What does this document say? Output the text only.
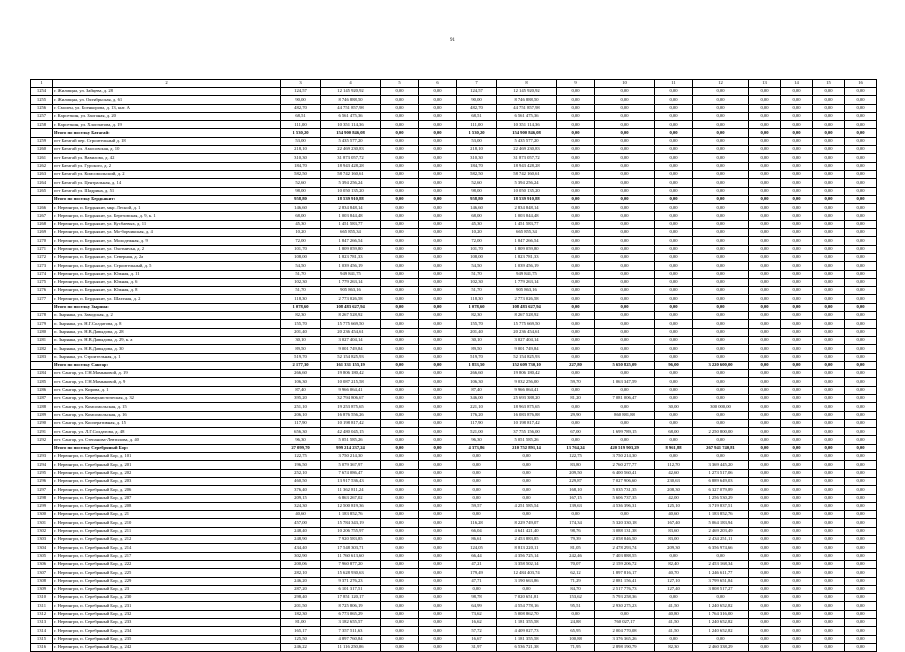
91
1	2	3	4	5	6	7	8	9	10	11	12	13	14	15	16
1254	г. Жилищна, ул. Зайцева, д. 28	124,57	12 145 920,92	0,00	0,00	124,57	12 145 920,92	0,00	0,00	0,00	0,00	0,00	0,00	0,00	0,00
1255	г. Жилищна, ул. Октябрьская, д. 61	90,00	8 746 888,50	0,00	0,00	90,00	8 746 888,50	0,00	0,00	0,00	0,00	0,00	0,00	0,00	0,00
1256	г. Смолен, ул. Боенкорова, д. 13, кнт. А	482,70	44 751 857,98	0,00	0,00	482,70	44 751 857,98	0,00	0,00	0,00	0,00	0,00	0,00	0,00	0,00
1257	г. Карсеткин, ул. Заоганая, д. 20	68,51	6 561 475,36	0,00	0,00	68,51	6 561 475,36	0,00	0,00	0,00	0,00	0,00	0,00	0,00	0,00
1258	г. Карсеткин, ул. Хлопчатова, д. 19	111,00	10 351 114,36	0,00	0,00	111,00	10 351 114,36	0,00	0,00	0,00	0,00	0,00	0,00	0,00	0,00
	Итого по поселку Батагай:	1 530,20	154 900 846,08	0,00	0,00	1 530,20	154 900 846,08	0,00	0,00	0,00	0,00	0,00	0,00	0,00	0,00
1259	пгт Батагай пер. Строительный д. 18	53,00	5 435 577,20	0,00	0,00	53,00	5 435 577,20	0,00	0,00	0,00	0,00	0,00	0,00	0,00	0,00
1260	пгт Батагай ул. Амосовская, д. 10	218,10	22 469 230,83	0,00	0,00	218,10	22 469 230,83	0,00	0,00	0,00	0,00	0,00	0,00	0,00	0,00
1261	пгт Батагай ул. Вавилова, д. 42	310,30	31 873 057,72	0,00	0,00	310,30	31 873 057,72	0,00	0,00	0,00	0,00	0,00	0,00	0,00	0,00
1262	пгт Батагай ул. Гурского, д. 2	184,70	18 943 428,28	0,00	0,00	184,70	18 943 428,28	0,00	0,00	0,00	0,00	0,00	0,00	0,00	0,00
1263	пгт Батагай ул. Комсомольский, д. 2	582,50	58 742 160,61	0,00	0,00	582,50	58 742 160,61	0,00	0,00	0,00	0,00	0,00	0,00	0,00	0,00
1264	пгт Батагай ул. Центральная, д. 14	52,60	5 394 256,24	0,00	0,00	52,60	5 394 256,24	0,00	0,00	0,00	0,00	0,00	0,00	0,00	0,00
1265	пгт Батагай ул. Шадрина, д. 51	98,00	10 050 135,20	0,00	0,00	98,00	10 050 135,20	0,00	0,00	0,00	0,00	0,00	0,00	0,00	0,00
	Итого по поселку Бердьякит:	958,80	18 539 910,88	0,00	0,00	958,80	18 539 910,88	0,00	0,00	0,00	0,00	0,00	0,00	0,00	0,00
1266	г. Нерюнгри, п. Бердьякит, мкр. Лесной, д. 1	146,60	2 834 848,14	0,00	0,00	146,60	2 834 848,14	0,00	0,00	0,00	0,00	0,00	0,00	0,00	0,00
1267	г. Нерюнгри, п. Бердьякит, ул. Березовская, д. 9, к. 1	68,00	1 003 844,48	0,00	0,00	68,00	1 003 844,48	0,00	0,00	0,00	0,00	0,00	0,00	0,00	0,00
1268	г. Нерюнгри, п. Бердьякит, ул. Кусбаевых, д. 11	45,30	1 451 583,77	0,00	0,00	45,30	1 451 583,77	0,00	0,00	0,00	0,00	0,00	0,00	0,00	0,00
1269	г. Нерюнгри, п. Бердьякит, ул. Мо-борчикская, д. 4	10,20	665 855,34	0,00	0,00	10,20	665 855,34	0,00	0,00	0,00	0,00	0,00	0,00	0,00	0,00
1270	г. Нерюнгри, п. Бердьякит, ул. Молодежная, д. 9	72,00	1 847 266,54	0,00	0,00	72,00	1 847 266,54	0,00	0,00	0,00	0,00	0,00	0,00	0,00	0,00
1271	г. Нерюнгри, п. Бердьякит, ул. Охотничья, д. 2	101,70	1 809 059,80	0,00	0,00	101,70	1 809 059,80	0,00	0,00	0,00	0,00	0,00	0,00	0,00	0,00
1272	г. Нерюнгри, п. Бердьякит, ул. Северная, д. 2а	108,00	1 823 781,33	0,00	0,00	108,00	1 823 781,33	0,00	0,00	0,00	0,00	0,00	0,00	0,00	0,00
1273	г. Нерюнгри, п. Бердьякит, ул. Строительный, д. 5	54,50	1 039 456,19	0,00	0,00	54,50	1 039 456,19	0,00	0,00	0,00	0,00	0,00	0,00	0,00	0,00
1274	г. Нерюнгри, п. Бердьякит, ул. Южная, д. 11	51,70	949 841,75	0,00	0,00	51,70	949 841,75	0,00	0,00	0,00	0,00	0,00	0,00	0,00	0,00
1275	г. Нерюнгри, п. Бердьякит, ул. Южная, д. 6	102,30	1 779 263,14	0,00	0,00	102,30	1 779 263,14	0,00	0,00	0,00	0,00	0,00	0,00	0,00	0,00
1276	г. Нерюнгри, п. Бердьякит, ул. Южная, д. 8	51,70	905 863,16	0,00	0,00	51,70	905 863,16	0,00	0,00	0,00	0,00	0,00	0,00	0,00	0,00
1277	г. Нерюнгри, п. Бердьякит, ул. Шахтная, д. 2	118,30	2 773 026,58	0,00	0,00	118,30	2 773 026,58	0,00	0,00	0,00	0,00	0,00	0,00	0,00	0,00
	Итого по поселку Зыряна:	1 078,60	108 483 627,94	0,00	0,00	1 078,60	108 483 627,94	0,00	0,00	0,00	0,00	0,00	0,00	0,00	0,00
1278	п. Зырянка, ул. Заводская, д. 2	82,30	8 267 528,92	0,00	0,00	82,30	8 267 528,92	0,00	0,00	0,00	0,00	0,00	0,00	0,00	0,00
1279	п. Зырянка, ул. Н.Г.Солдатова, д. 8	155,70	15 775 669,50	0,00	0,00	155,70	15 775 669,50	0,00	0,00	0,00	0,00	0,00	0,00	0,00	0,00
1280	п. Зырянка, ул. Н.В.Давыдова, д. 28	201,40	20 236 454,61	0,00	0,00	201,40	20 236 454,61	0,00	0,00	0,00	0,00	0,00	0,00	0,00	0,00
1281	п. Зырянка, ул. Н.В.Давыдова, д. 29, к. а	30,10	3 027 404,14	0,00	0,00	30,10	3 027 404,14	0,00	0,00	0,00	0,00	0,00	0,00	0,00	0,00
1282	п. Зырянка, ул. Н.В.Давыдова, д. 30	89,50	9 001 749,84	0,00	0,00	89,50	9 001 749,84	0,00	0,00	0,00	0,00	0,00	0,00	0,00	0,00
1283	п. Зырянка, ул. Строительная, д. 1	519,70	52 154 825,93	0,00	0,00	519,70	52 154 825,93	0,00	0,00	0,00	0,00	0,00	0,00	0,00	0,00
	Итого по поселку Сангар:	2 177,30	161 331 155,19	0,00	0,00	1 853,50	152 609 730,10	227,80	5 650 825,09	96,00	3 220 600,00	0,00	0,00	0,00	0,00
1284	пгт. Сангар, ул. Г.Н.Мамыковой, д. 19	266,60	19 806 180,42	0,00	0,00	266,60	19 806 180,42	0,00	0,00	0,00	0,00	0,00	0,00	0,00	0,00
1285	пгт. Сангар, ул. Г.Н.Мамыковой, д. 9	106,30	10 087 215,58	0,00	0,00	106,30	9 032 256,00	59,70	1 063 347,59	0,00	0,00	0,00	0,00	0,00	0,00
1286	пгт. Сангар, ул. Кирова, д. 1	87,40	9 966 064,41	0,00	0,00	87,40	9 966 064,41	0,00	0,00	0,00	0,00	0,00	0,00	0,00	0,00
1287	пгт. Сангар, ул. Коммунистическая, д. 32	395,20	32 794 806,67	0,00	0,00	346,00	25 693 388,20	81,20	7 081 006,47	0,00	0,00	0,00	0,00	0,00	0,00
1288	пгт. Сангар, ул. Комсомольская, д. 15	251,10	19 253 875,65	0,00	0,00	221,10	18 963 875,65	0,00	0,00	30,00	300 000,00	0,00	0,00	0,00	0,00
1289	пгт. Сангар, ул. Комсомольская, д. 16	206,10	16 876 556,26	0,00	0,00	176,20	16 083 876,88	29,90	860 881,88	0,00	0,00	0,00	0,00	0,00	0,00
1290	пгт. Сангар, ул. Кооперативная, д. 15	117,90	10 198 817,42	0,00	0,00	117,90	10 198 817,42	0,00	0,00	0,00	0,00	0,00	0,00	0,00	0,00
1291	пгт. Сангар, ул. Л.Г.Солдатова, д. 48	656,30	42 480 045,15	0,00	0,00	521,00	37 755 156,00	67,00	1 699 789,15	68,00	2 250 800,00	0,00	0,00	0,00	0,00
1292	пгт. Сангар, ул. Степанова-Левтилова, д. 40	96,30	5 051 585,26	0,00	0,00	96,30	5 051 585,26	0,00	0,00	0,00	0,00	0,00	0,00	0,00	0,00
	Итого по поселку Серебряный Бор:	27 099,70	999 214 237,24	0,00	0,00	4 373,86	210 752 891,14	13 764,24	420 519 903,29	8 961,88	267 941 740,81	0,00	0,00	0,00	0,00
1293	г. Нерюнгри, п. Серебряный Бор, д. 101	122,75	3 750 214,30	0,00	0,00	0,00	0,00	122,75	3 750 214,30	0,00	0,00	0,00	0,00	0,00	0,00
1294	г. Нерюнгри, п. Серебряный Бор, д. 201	196,50	5 079 367,97	0,00	0,00	0,00	0,00	83,80	2 760 277,77	112,70	3 369 445,20	0,00	0,00	0,00	0,00
1295	г. Нерюнгри, п. Серебряный Бор, д. 202	252,10	7 674 086,47	0,00	0,00	0,00	0,00	209,50	6 400 560,41	42,60	1 273 517,06	0,00	0,00	0,00	0,00
1296	г. Нерюнгри, п. Серебряный Бор, д. 203	460,50	13 917 536,43	0,00	0,00	0,00	0,00	229,87	7 027 906,60	230,63	6 889 649,03	0,00	0,00	0,00	0,00
1297	г. Нерюнгри, п. Серебряный Бор, д. 206	376,40	11 362 811,24	0,00	0,00	0,00	0,00	168,10	5 035 731,35	208,30	6 327 079,89	0,00	0,00	0,00	0,00
1298	г. Нерюнгри, п. Серебряный Бор, д. 207	209,15	6 863 267,02	0,00	0,00	0,00	0,00	167,15	5 606 737,35	42,00	1 256 530,29	0,00	0,00	0,00	0,00
1299	г. Нерюнгри, п. Серебряный Бор, д. 208	324,30	12 500 819,36	0,00	0,00	59,57	4 251 585,54	139,63	4 536 396,31	125,10	3 719 837,51	0,00	0,00	0,00	0,00
1300	г. Нерюнгри, п. Серебряный Бор, д. 21	40,60	1 183 852,76	0,00	0,00	0,00	0,00	0,00	0,00	40,60	1 183 852,76	0,00	0,00	0,00	0,00
1301	г. Нерюнгри, п. Серебряный Бор, д. 210	457,00	15 784 343,19	0,00	0,00	116,28	8 229 749,07	174,34	5 320 330,18	167,40	5 064 183,94	0,00	0,00	0,00	0,00
1302	г. Нерюнгри, п. Серебряный Бор, д. 211	248,40	10 206 755,97	0,00	0,00	66,04	4 641 421,40	98,76	3 088 131,38	83,60	2 469 203,49	0,00	0,00	0,00	0,00
1303	г. Нерюнгри, п. Серебряный Бор, д. 212	248,90	7 920 583,85	0,00	0,00	86,61	2 453 883,85	79,39	2 058 846,50	83,00	2 434 251,11	0,00	0,00	0,00	0,00
1304	г. Нерюнгри, п. Серебряный Бор, д. 214	434,40	17 548 303,71	0,00	0,00	124,05	8 813 220,11	81,05	2 478 293,74	209,30	6 356 974,66	0,00	0,00	0,00	0,00
1305	г. Нерюнгри, п. Серебряный Бор, д. 217	302,90	11 760 613,60	0,00	0,00	66,44	4 356 725,14	242,46	7 403 888,55	0,00	0,00	0,00	0,00	0,00	0,00
1306	г. Нерюнгри, п. Серебряный Бор, д. 222	200,06	7 960 877,20	0,00	0,00	47,21	3 358 502,14	70,07	2 159 206,72	82,40	2 453 168,34	0,00	0,00	0,00	0,00
1307	г. Нерюнгри, п. Серебряный Бор, д. 225	282,10	15 628 930,63	0,00	0,00	179,49	12 484 403,74	62,12	1 897 816,17	40,70	1 246 611,77	0,00	0,00	0,00	0,00
1308	г. Нерюнгри, п. Серебряный Бор, д. 229	246,20	9 371 276,23	0,00	0,00	47,71	3 190 663,86	71,29	2 881 156,41	127,10	3 799 651,84	0,00	0,00	0,00	0,00
1309	г. Нерюнгри, п. Серебряный Бор, д. 23	287,20	6 101 317,51	0,00	0,00	0,00	0,00	84,70	2 517 776,73	127,40	3 808 517,27	0,00	0,00	0,00	0,00
1310	г. Нерюнгри, п. Серебряный Бор, д. 230	298,40	17 851 120,17	0,00	0,00	98,78	7 020 651,81	153,62	5 793 258,36	0,00	0,00	0,00	0,00	0,00	0,00
1311	г. Нерюнгри, п. Серебряный Бор, д. 231	201,50	8 725 806,19	0,00	0,00	64,99	4 554 778,16	95,51	2 930 275,23	41,50	1 240 652,82	0,00	0,00	0,00	0,00
1312	г. Нерюнгри, п. Серебряный Бор, д. 232	182,30	6 773 065,29	0,00	0,00	73,62	5 008 862,70	0,00	0,00	40,80	1 764 316,00	0,00	0,00	0,00	0,00
1313	г. Нерюнгри, п. Серебряный Бор, д. 233	81,00	3 182 655,57	0,00	0,00	16,62	1 181 355,58	24,88	760 027,17	41,50	1 240 652,82	0,00	0,00	0,00	0,00
1314	г. Нерюнгри, п. Серебряный Бор, д. 234	165,17	7 357 511,63	0,00	0,00	57,72	4 409 027,73	65,95	2 004 770,08	41,50	1 240 652,82	0,00	0,00	0,00	0,00
1315	г. Нерюнгри, п. Серебряный Бор, д. 235	125,50	4 897 760,84	0,00	0,00	16,67	1 181 355,58	100,88	3 376 365,26	0,00	0,00	0,00	0,00	0,00	0,00
1316	г. Нерюнгри, п. Серебряный Бор, д. 242	246,22	11 116 250,06	0,00	0,00	31,97	6 536 721,38	71,95	2 898 190,79	82,30	2 460 338,29	0,00	0,00	0,00	0,00
